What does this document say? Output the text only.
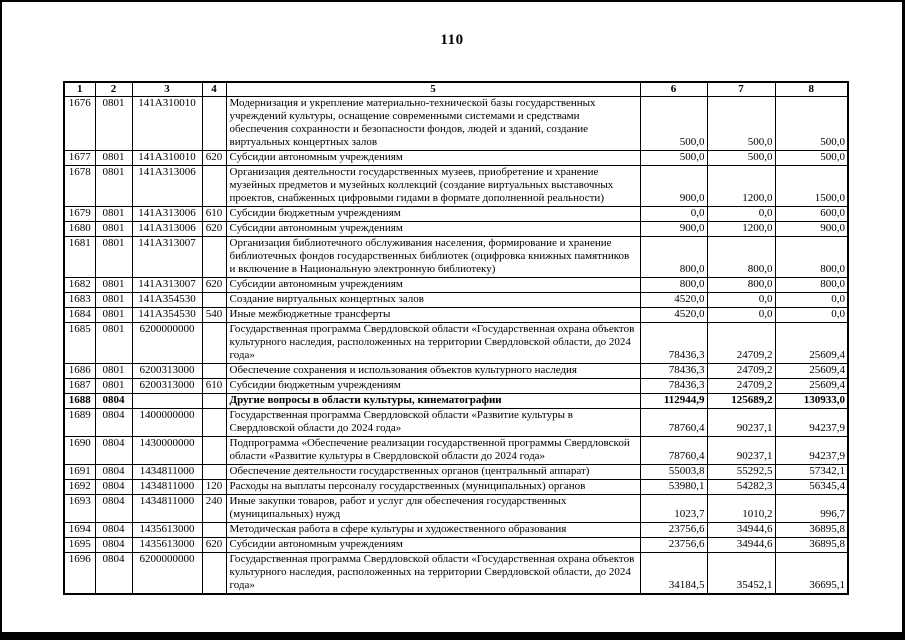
110
1	2	3	4	5	6	7	8
1676	0801	141A310010		Модернизация и укрепление материально-технической базы государственных учреждений культуры, оснащение современными системами и средствами обеспечения сохранности и безопасности фондов, людей и зданий, создание виртуальных концертных залов	500,0	500,0	500,0
1677	0801	141A310010	620	Субсидии автономным учреждениям	500,0	500,0	500,0
1678	0801	141A313006		Организация деятельности государственных музеев, приобретение и хранение музейных предметов и музейных коллекций (создание виртуальных выставочных проектов, снабженных цифровыми гидами в формате дополненной реальности)	900,0	1200,0	1500,0
1679	0801	141A313006	610	Субсидии бюджетным учреждениям	0,0	0,0	600,0
1680	0801	141A313006	620	Субсидии автономным учреждениям	900,0	1200,0	900,0
1681	0801	141A313007		Организация библиотечного обслуживания населения, формирование и хранение библиотечных фондов государственных библиотек (оцифровка книжных памятников и включение в Национальную электронную библиотеку)	800,0	800,0	800,0
1682	0801	141A313007	620	Субсидии автономным учреждениям	800,0	800,0	800,0
1683	0801	141A354530		Создание виртуальных концертных залов	4520,0	0,0	0,0
1684	0801	141A354530	540	Иные межбюджетные трансферты	4520,0	0,0	0,0
1685	0801	6200000000		Государственная программа Свердловской области «Государственная охрана объектов культурного наследия, расположенных на территории Свердловской области, до 2024 года»	78436,3	24709,2	25609,4
1686	0801	6200313000		Обеспечение сохранения и использования объектов культурного наследия	78436,3	24709,2	25609,4
1687	0801	6200313000	610	Субсидии бюджетным учреждениям	78436,3	24709,2	25609,4
1688	0804			Другие вопросы в области культуры, кинематографии	112944,9	125689,2	130933,0
1689	0804	1400000000		Государственная программа Свердловской области «Развитие культуры в Свердловской области до 2024 года»	78760,4	90237,1	94237,9
1690	0804	1430000000		Подпрограмма «Обеспечение реализации государственной программы Свердловской области «Развитие культуры в Свердловской области до 2024 года»	78760,4	90237,1	94237,9
1691	0804	1434811000		Обеспечение деятельности государственных органов (центральный аппарат)	55003,8	55292,5	57342,1
1692	0804	1434811000	120	Расходы на выплаты персоналу государственных (муниципальных) органов	53980,1	54282,3	56345,4
1693	0804	1434811000	240	Иные закупки товаров, работ и услуг для обеспечения государственных (муниципальных) нужд	1023,7	1010,2	996,7
1694	0804	1435613000		Методическая работа в сфере культуры и художественного образования	23756,6	34944,6	36895,8
1695	0804	1435613000	620	Субсидии автономным учреждениям	23756,6	34944,6	36895,8
1696	0804	6200000000		Государственная программа Свердловской области «Государственная охрана объектов культурного наследия, расположенных на территории Свердловской области, до 2024 года»	34184,5	35452,1	36695,1
